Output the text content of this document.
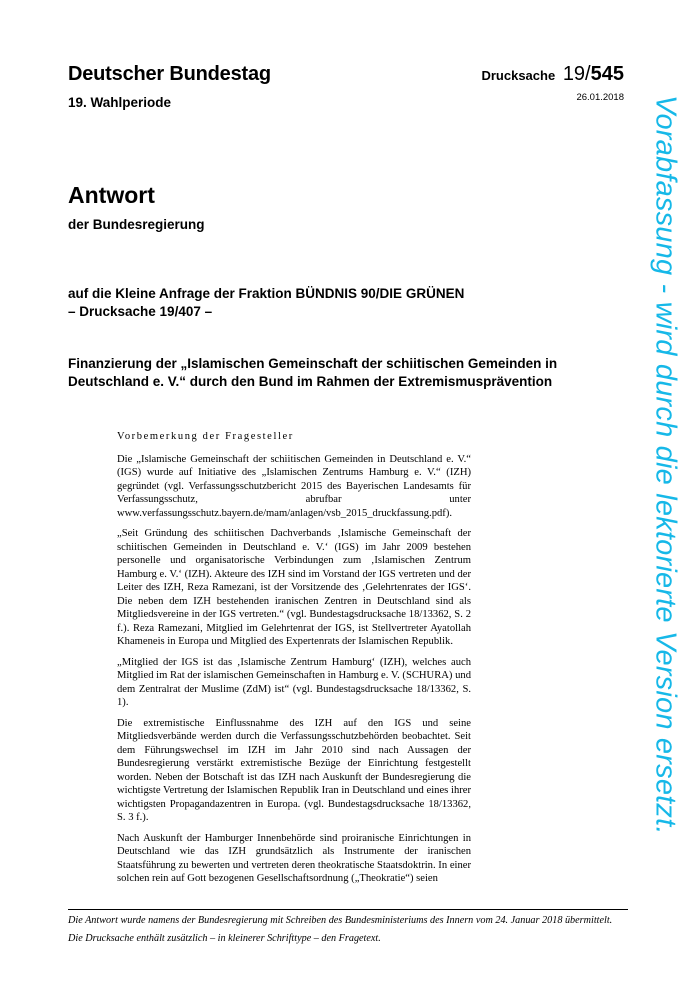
Deutscher Bundestag
19. Wahlperiode
Drucksache 19/545
26.01.2018
Antwort
der Bundesregierung
auf die Kleine Anfrage der Fraktion BÜNDNIS 90/DIE GRÜNEN
– Drucksache 19/407 –
Finanzierung der „Islamischen Gemeinschaft der schiitischen Gemeinden in Deutschland e. V.“ durch den Bund im Rahmen der Extremismusprävention
Vorbemerkung der Fragesteller

Die „Islamische Gemeinschaft der schiitischen Gemeinden in Deutschland e. V.“ (IGS) wurde auf Initiative des „Islamischen Zentrums Hamburg e. V.“ (IZH) gegründet (vgl. Verfassungsschutzbericht 2015 des Bayerischen Landesamts für Verfassungsschutz, abrufbar unter www.verfassungsschutz.bayern.de/mam/anlagen/vsb_2015_druckfassung.pdf).

„Seit Gründung des schiitischen Dachverbands ‚Islamische Gemeinschaft der schiitischen Gemeinden in Deutschland e. V.‘ (IGS) im Jahr 2009 bestehen personelle und organisatorische Verbindungen zum ‚Islamischen Zentrum Hamburg e. V.‘ (IZH). Akteure des IZH sind im Vorstand der IGS vertreten und der Leiter des IZH, Reza Ramezani, ist der Vorsitzende des ‚Gelehrtenrates der IGS‘. Die neben dem IZH bestehenden iranischen Zentren in Deutschland sind als Mitgliedsvereine in der IGS vertreten.“ (vgl. Bundestagsdrucksache 18/13362, S. 2 f.). Reza Ramezani, Mitglied im Gelehrtenrat der IGS, ist Stellvertreter Ayatollah Khameneis in Europa und Mitglied des Expertenrats der Islamischen Republik.

„Mitglied der IGS ist das ‚Islamische Zentrum Hamburg‘ (IZH), welches auch Mitglied im Rat der islamischen Gemeinschaften in Hamburg e. V. (SCHURA) und dem Zentralrat der Muslime (ZdM) ist“ (vgl. Bundestagsdrucksache 18/13362, S. 1).

Die extremistische Einflussnahme des IZH auf den IGS und seine Mitgliedsverbände werden durch die Verfassungsschutzbehörden beobachtet. Seit dem Führungswechsel im IZH im Jahr 2010 sind nach Aussagen der Bundesregierung verstärkt extremistische Bezüge der Einrichtung festgestellt worden. Neben der Botschaft ist das IZH nach Auskunft der Bundesregierung die wichtigste Vertretung der Islamischen Republik Iran in Deutschland und eines ihrer wichtigsten Propagandazentren in Europa. (vgl. Bundestagsdrucksache 18/13362, S. 3 f.).

Nach Auskunft der Hamburger Innenbehörde sind proiranische Einrichtungen in Deutschland wie das IZH grundsätzlich als Instrumente der iranischen Staatsführung zu bewerten und vertreten deren theokratische Staatsdoktrin. In einer solchen rein auf Gott bezogenen Gesellschaftsordnung („Theokratie“) seien

Vorabfassung - wird durch die lektorierte Version ersetzt.

Die Antwort wurde namens der Bundesregierung mit Schreiben des Bundesministeriums des Innern vom 24. Januar 2018 übermittelt.

Die Drucksache enthält zusätzlich – in kleinerer Schrifttype – den Fragetext.
